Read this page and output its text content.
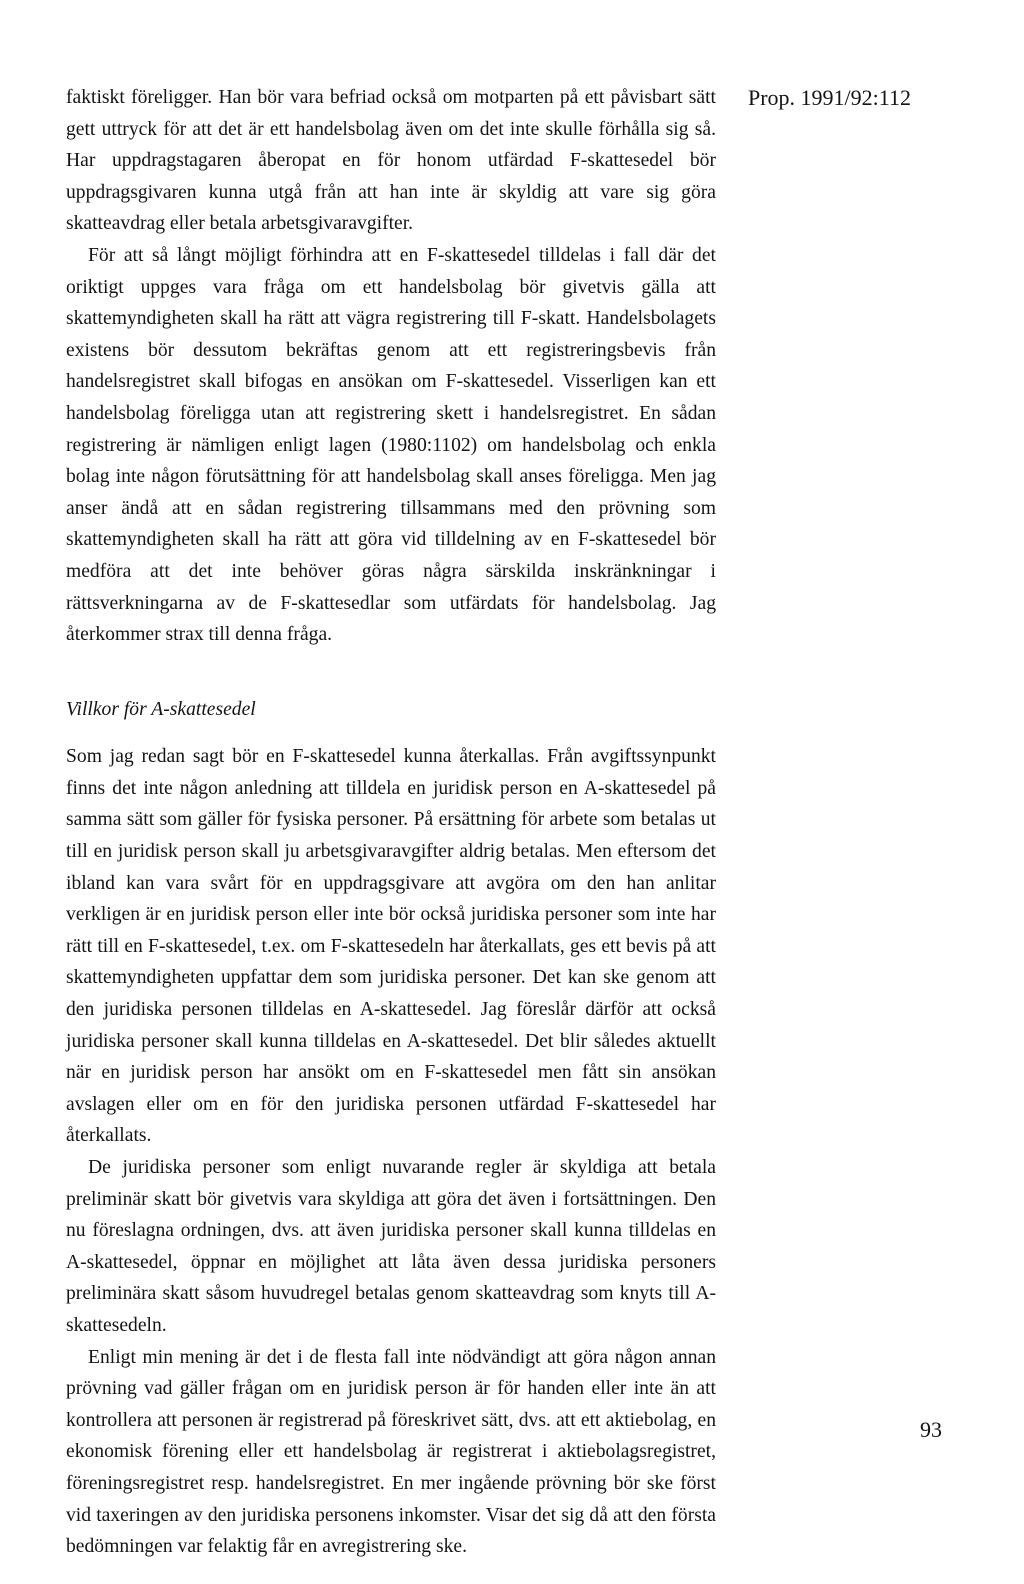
Prop. 1991/92:112

faktiskt föreligger. Han bör vara befriad också om motparten på ett påvisbart sätt gett uttryck för att det är ett handelsbolag även om det inte skulle förhålla sig så. Har uppdragstagaren åberopat en för honom utfärdad F-skattesedel bör uppdragsgivaren kunna utgå från att han inte är skyldig att vare sig göra skatteavdrag eller betala arbetsgivaravgifter.

För att så långt möjligt förhindra att en F-skattesedel tilldelas i fall där det oriktigt uppges vara fråga om ett handelsbolag bör givetvis gälla att skattemyndigheten skall ha rätt att vägra registrering till F-skatt. Handelsbolagets existens bör dessutom bekräftas genom att ett registreringsbevis från handelsregistret skall bifogas en ansökan om F-skattesedel. Visserligen kan ett handelsbolag föreligga utan att registrering skett i handelsregistret. En sådan registrering är nämligen enligt lagen (1980:1102) om handelsbolag och enkla bolag inte någon förutsättning för att handelsbolag skall anses föreligga. Men jag anser ändå att en sådan registrering tillsammans med den prövning som skattemyndigheten skall ha rätt att göra vid tilldelning av en F-skattesedel bör medföra att det inte behöver göras några särskilda inskränkningar i rättsverkningarna av de F-skattesedlar som utfärdats för handelsbolag. Jag återkommer strax till denna fråga.

Villkor för A-skattesedel

Som jag redan sagt bör en F-skattesedel kunna återkallas. Från avgiftssynpunkt finns det inte någon anledning att tilldela en juridisk person en A-skattesedel på samma sätt som gäller för fysiska personer. På ersättning för arbete som betalas ut till en juridisk person skall ju arbetsgivaravgifter aldrig betalas. Men eftersom det ibland kan vara svårt för en uppdragsgivare att avgöra om den han anlitar verkligen är en juridisk person eller inte bör också juridiska personer som inte har rätt till en F-skattesedel, t.ex. om F-skattesedeln har återkallats, ges ett bevis på att skattemyndigheten uppfattar dem som juridiska personer. Det kan ske genom att den juridiska personen tilldelas en A-skattesedel. Jag föreslår därför att också juridiska personer skall kunna tilldelas en A-skattesedel. Det blir således aktuellt när en juridisk person har ansökt om en F-skattesedel men fått sin ansökan avslagen eller om en för den juridiska personen utfärdad F-skattesedel har återkallats.

De juridiska personer som enligt nuvarande regler är skyldiga att betala preliminär skatt bör givetvis vara skyldiga att göra det även i fortsättningen. Den nu föreslagna ordningen, dvs. att även juridiska personer skall kunna tilldelas en A-skattesedel, öppnar en möjlighet att låta även dessa juridiska personers preliminära skatt såsom huvudregel betalas genom skatteavdrag som knyts till A-skattesedeln.

Enligt min mening är det i de flesta fall inte nödvändigt att göra någon annan prövning vad gäller frågan om en juridisk person är för handen eller inte än att kontrollera att personen är registrerad på föreskrivet sätt, dvs. att ett aktiebolag, en ekonomisk förening eller ett handelsbolag är registrerat i aktiebolagsregistret, föreningsregistret resp. handelsregistret. En mer ingående prövning bör ske först vid taxeringen av den juridiska personens inkomster. Visar det sig då att den första bedömningen var felaktig får en avregistrering ske.

93
